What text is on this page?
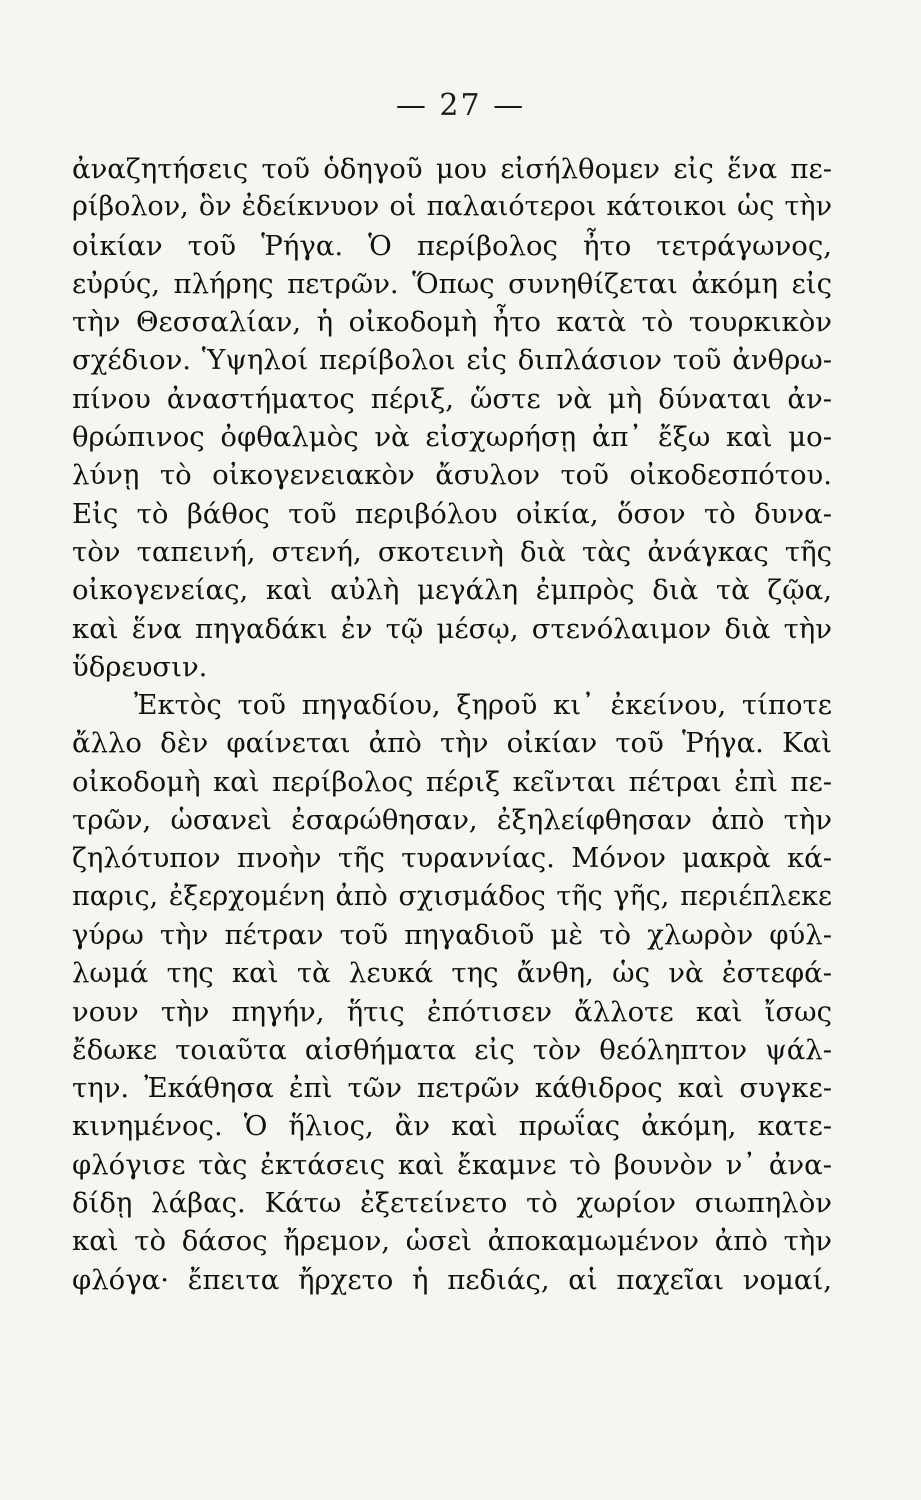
— 27 —
ἀναζητήσεις τοῦ ὁδηγοῦ μου εἰσήλθομεν εἰς ἕνα πε-
ρίβολον, ὃν ἐδείκνυον οἱ παλαιότεροι κάτοικοι ὡς τὴν
οἰκίαν τοῦ Ῥήγα. Ὁ περίβολος ἦτο τετράγωνος,
εὐρύς, πλήρης πετρῶν. Ὅπως συνηθίζεται ἀκόμη εἰς
τὴν Θεσσαλίαν, ἡ οἰκοδομὴ ἦτο κατὰ τὸ τουρκικὸν
σχέδιον. Ὑψηλοί περίβολοι εἰς διπλάσιον τοῦ ἀνθρω-
πίνου ἀναστήματος πέριξ, ὥστε νὰ μὴ δύναται ἀν-
θρώπινος ὀφθαλμὸς νὰ εἰσχωρήσῃ ἀπ᾽ ἔξω καὶ μο-
λύνῃ τὸ οἰκογενειακὸν ἄσυλον τοῦ οἰκοδεσπότου.
Εἰς τὸ βάθος τοῦ περιβόλου οἰκία, ὅσον τὸ δυνα-
τὸν ταπεινή, στενή, σκοτεινὴ διὰ τὰς ἀνάγκας τῆς
οἰκογενείας, καὶ αὐλὴ μεγάλη ἐμπρὸς διὰ τὰ ζῷα,
καὶ ἕνα πηγαδάκι ἐν τῷ μέσῳ, στενόλαιμον διὰ τὴν
ὕδρευσιν.
Ἐκτὸς τοῦ πηγαδίου, ξηροῦ κι᾽ ἐκείνου, τίποτε
ἄλλο δὲν φαίνεται ἀπὸ τὴν οἰκίαν τοῦ Ῥήγα. Καὶ
οἰκοδομὴ καὶ περίβολος πέριξ κεῖνται πέτραι ἐπὶ πε-
τρῶν, ὡσανεὶ ἐσαρώθησαν, ἐξηλείφθησαν ἀπὸ τὴν
ζηλότυπον πνοὴν τῆς τυραννίας. Μόνον μακρὰ κά-
παρις, ἐξερχομένη ἀπὸ σχισμάδος τῆς γῆς, περιέπλεκε
γύρω τὴν πέτραν τοῦ πηγαδιοῦ μὲ τὸ χλωρὸν φύλ-
λωμά της καὶ τὰ λευκά της ἄνθη, ὡς νὰ ἐστεφά-
νουν τὴν πηγήν, ἥτις ἐπότισεν ἄλλοτε καὶ ἴσως
ἔδωκε τοιαῦτα αἰσθήματα εἰς τὸν θεόληπτον ψάλ-
την. Ἐκάθησα ἐπὶ τῶν πετρῶν κάθιδρος καὶ συγκε-
κινημένος. Ὁ ἥλιος, ἂν καὶ πρωΐας ἀκόμη, κατε-
φλόγισε τὰς ἐκτάσεις καὶ ἔκαμνε τὸ βουνὸν ν᾽ ἀνα-
δίδῃ λάβας. Κάτω ἐξετείνετο τὸ χωρίον σιωπηλὸν
καὶ τὸ δάσος ἤρεμον, ὡσεὶ ἀποκαμωμένον ἀπὸ τὴν
φλόγα· ἔπειτα ἤρχετο ἡ πεδιάς, αἱ παχεῖαι νομαί,
